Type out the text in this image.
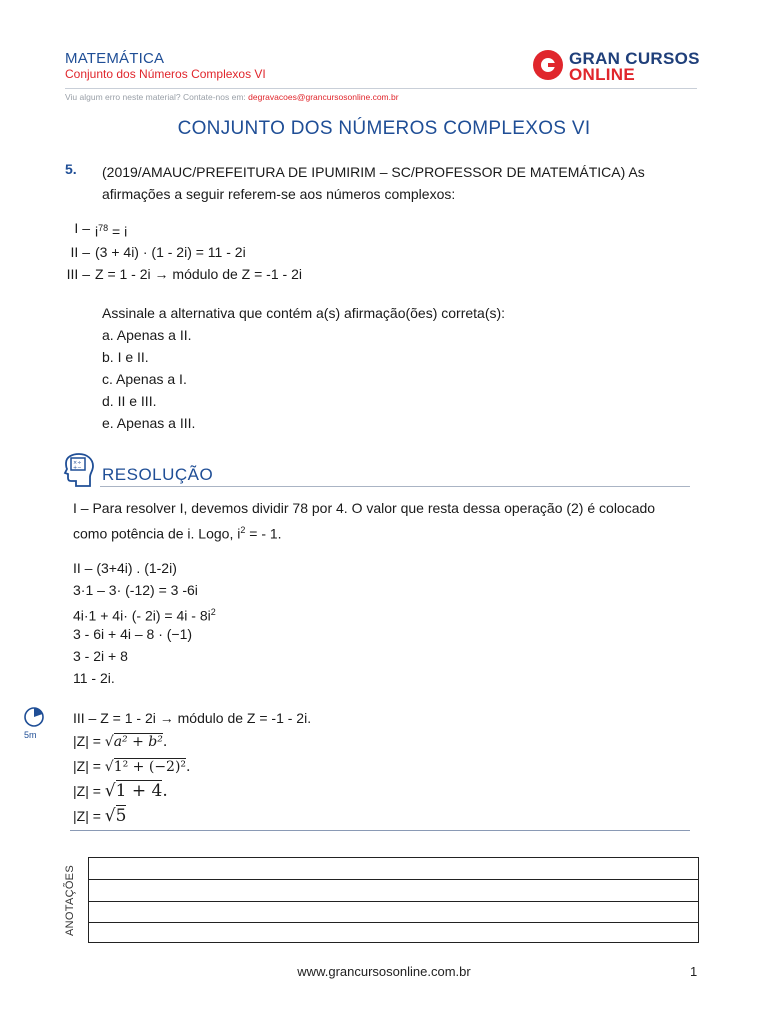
MATEMÁTICA
Conjunto dos Números Complexos VI
GRAN CURSOS
ONLINE
Viu algum erro neste material? Contate-nos em: degravacoes@grancursosonline.com.br
CONJUNTO DOS NÚMEROS COMPLEXOS VI
5. (2019/AMAUC/PREFEITURA DE IPUMIRIM – SC/PROFESSOR DE MATEMÁTICA) As afirmações a seguir referem-se aos números complexos:
$I - i^{78} = i$
II – (3 + 4i) · (1 - 2i) = 11 - 2i
III – Z = 1 - 2i → módulo de Z = -1 - 2i
Assinale a alternativa que contém a(s) afirmação(ões) correta(s):
a. Apenas a II.
b. I e II.
c. Apenas a I.
d. II e III.
e. Apenas a III.
×÷
+− RESOLUÇÃO
I – Para resolver I, devemos dividir 78 por 4. O valor que resta dessa operação (2) é colocado como potência de i. Logo, $i^2$ = - 1.
II – (3+4i) . (1-2i)
3·1 – 3· (-12) = 3 -6i
4i·1 + 4i· (- $2i) = 4i - 8i^2$
3 - 6i + 4i – 8 · (−1)
3 - 2i + 8
11 - 2i.
5m
III – Z = 1 - 2i → módulo de Z = -1 - 2i.
|Z| = √a² + b².
|Z| = √1² + (−2)².
|Z| = √1 + 4.
|Z| = √5
ANOTAÇÕES
www.grancursosonline.com.br	1
